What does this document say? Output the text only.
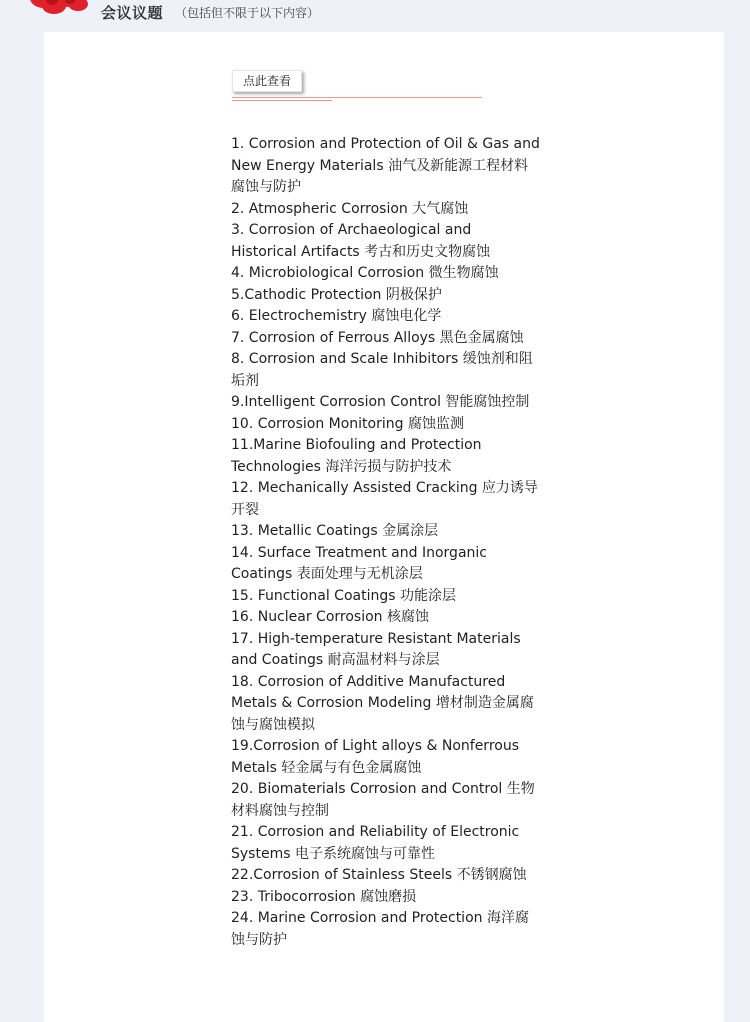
会议议题 （包括但不限于以下内容）
点此查看
1. Corrosion and Protection of Oil & Gas and New Energy Materials 油气及新能源工程材料腐蚀与防护
2. Atmospheric Corrosion 大气腐蚀
3. Corrosion of Archaeological and Historical Artifacts 考古和历史文物腐蚀
4. Microbiological Corrosion 微生物腐蚀
5.Cathodic Protection 阴极保护
6. Electrochemistry 腐蚀电化学
7. Corrosion of Ferrous Alloys 黑色金属腐蚀
8. Corrosion and Scale Inhibitors 缓蚀剂和阻垢剂
9.Intelligent Corrosion Control 智能腐蚀控制
10. Corrosion Monitoring 腐蚀监测
11.Marine Biofouling and Protection Technologies 海洋污损与防护技术
12. Mechanically Assisted Cracking 应力诱导开裂
13. Metallic Coatings 金属涂层
14. Surface Treatment and Inorganic Coatings 表面处理与无机涂层
15. Functional Coatings 功能涂层
16. Nuclear Corrosion 核腐蚀
17. High-temperature Resistant Materials and Coatings 耐高温材料与涂层
18. Corrosion of Additive Manufactured Metals & Corrosion Modeling 增材制造金属腐蚀与腐蚀模拟
19.Corrosion of Light alloys & Nonferrous Metals 轻金属与有色金属腐蚀
20. Biomaterials Corrosion and Control 生物材料腐蚀与控制
21. Corrosion and Reliability of Electronic Systems 电子系统腐蚀与可靠性
22.Corrosion of Stainless Steels 不锈钢腐蚀
23. Tribocorrosion 腐蚀磨损
24. Marine Corrosion and Protection 海洋腐蚀与防护
